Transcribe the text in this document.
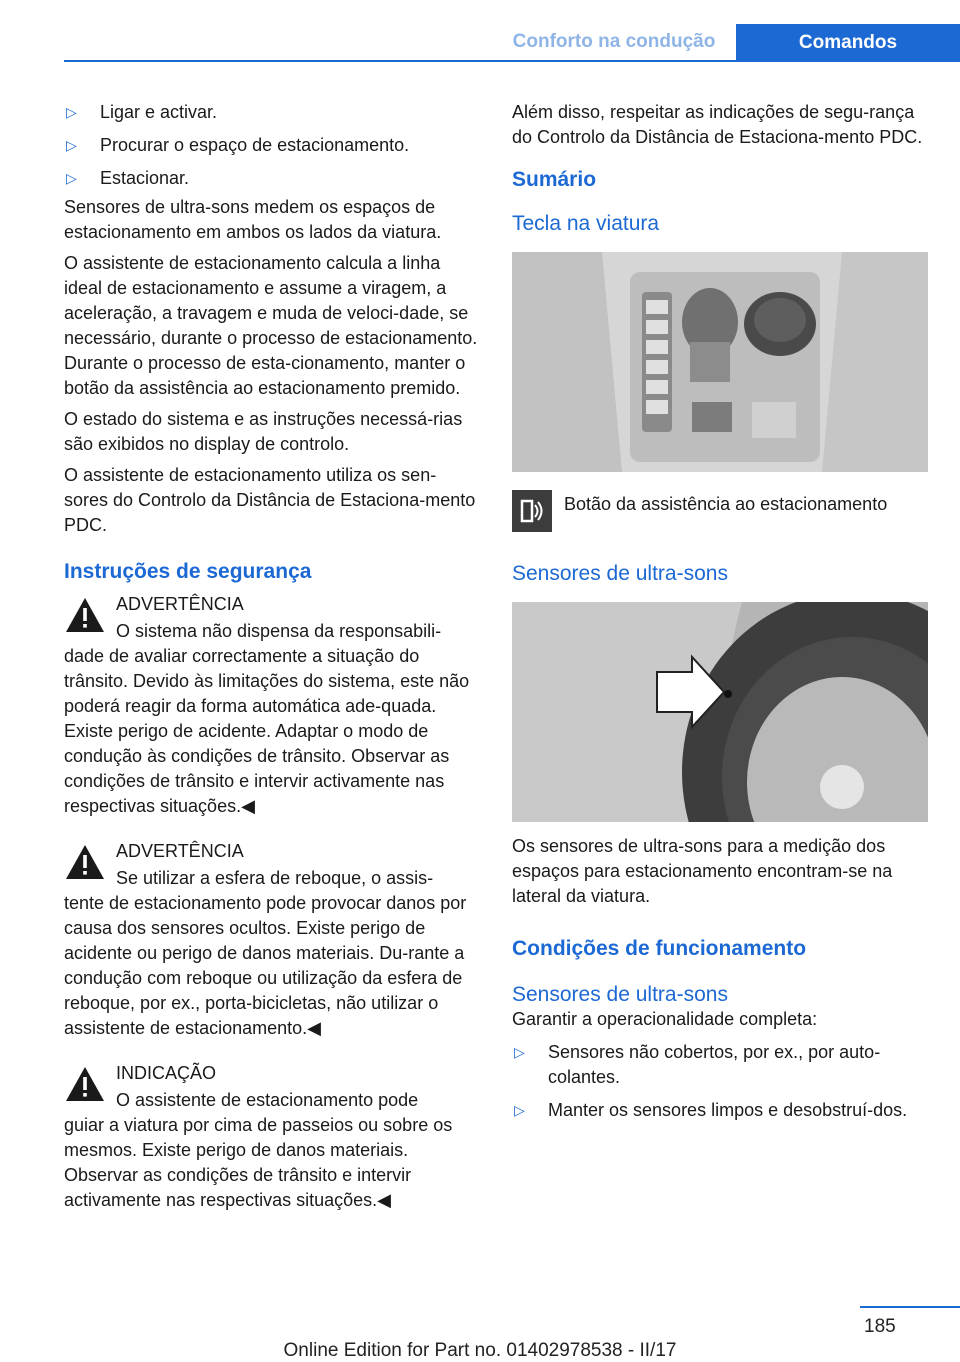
Conforto na condução	Comandos
▷	Ligar e activar.
▷	Procurar o espaço de estacionamento.
▷	Estacionar.

Sensores de ultra-sons medem os espaços de estacionamento em ambos os lados da viatura.

O assistente de estacionamento calcula a linha ideal de estacionamento e assume a viragem, a aceleração, a travagem e muda de veloci-dade, se necessário, durante o processo de estacionamento. Durante o processo de esta-cionamento, manter o botão da assistência ao estacionamento premido.

O estado do sistema e as instruções necessá-rias são exibidos no display de controlo.

O assistente de estacionamento utiliza os sen-sores do Controlo da Distância de Estaciona-mento PDC.

Instruções de segurança
ADVERTÊNCIA

O sistema não dispensa da responsabili-

dade de avaliar correctamente a situação do trânsito. Devido às limitações do sistema, este não poderá reagir da forma automática ade-quada. Existe perigo de acidente. Adaptar o modo de condução às condições de trânsito. Observar as condições de trânsito e intervir activamente nas respectivas situações.◀

ADVERTÊNCIA

Se utilizar a esfera de reboque, o assis-

tente de estacionamento pode provocar danos por causa dos sensores ocultos. Existe perigo de acidente ou perigo de danos materiais. Du-rante a condução com reboque ou utilização da esfera de reboque, por ex., porta-bicicletas, não utilizar o assistente de estacionamento.◀

INDICAÇÃO

O assistente de estacionamento pode

guiar a viatura por cima de passeios ou sobre os mesmos. Existe perigo de danos materiais. Observar as condições de trânsito e intervir activamente nas respectivas situações.◀

Além disso, respeitar as indicações de segu-rança do Controlo da Distância de Estaciona-mento PDC.

Sumário
Tecla na viatura
Botão da assistência ao estacionamento
Sensores de ultra-sons

Os sensores de ultra-sons para a medição dos espaços para estacionamento encontram-se na lateral da viatura.

Condições de funcionamento
Sensores de ultra-sons

Garantir a operacionalidade completa:

▷	Sensores não cobertos, por ex., por auto-colantes.
▷	Manter os sensores limpos e desobstruí-dos.
185
Online Edition for Part no. 01402978538 - II/17
